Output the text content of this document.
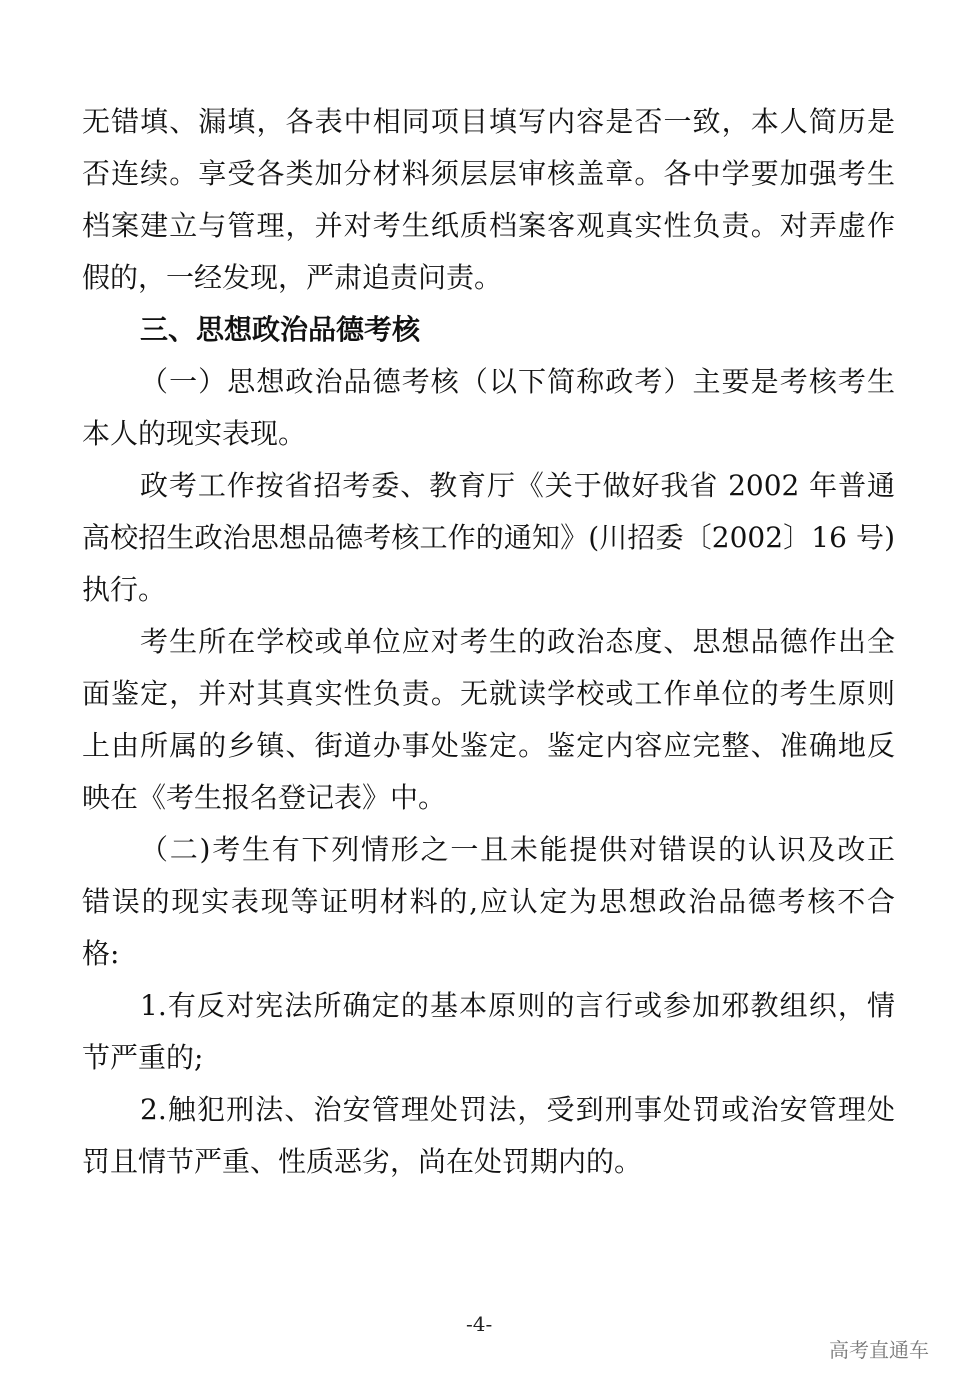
无错填、漏填，各表中相同项目填写内容是否一致，本人简历是
否连续。享受各类加分材料须层层审核盖章。各中学要加强考生
档案建立与管理，并对考生纸质档案客观真实性负责。对弄虚作
假的，一经发现，严肃追责问责。
三、思想政治品德考核
（一）思想政治品德考核（以下简称政考）主要是考核考生
本人的现实表现。
政考工作按省招考委、教育厅《关于做好我省 2002 年普通
高校招生政治思想品德考核工作的通知》(川招委〔2002〕16 号)
执行。
考生所在学校或单位应对考生的政治态度、思想品德作出全
面鉴定，并对其真实性负责。无就读学校或工作单位的考生原则
上由所属的乡镇、街道办事处鉴定。鉴定内容应完整、准确地反
映在《考生报名登记表》中。
（二)考生有下列情形之一且未能提供对错误的认识及改正
错误的现实表现等证明材料的,应认定为思想政治品德考核不合
格:
1.有反对宪法所确定的基本原则的言行或参加邪教组织，情
节严重的;
2.触犯刑法、治安管理处罚法，受到刑事处罚或治安管理处
罚且情节严重、性质恶劣，尚在处罚期内的。
-4-
高考直通车
